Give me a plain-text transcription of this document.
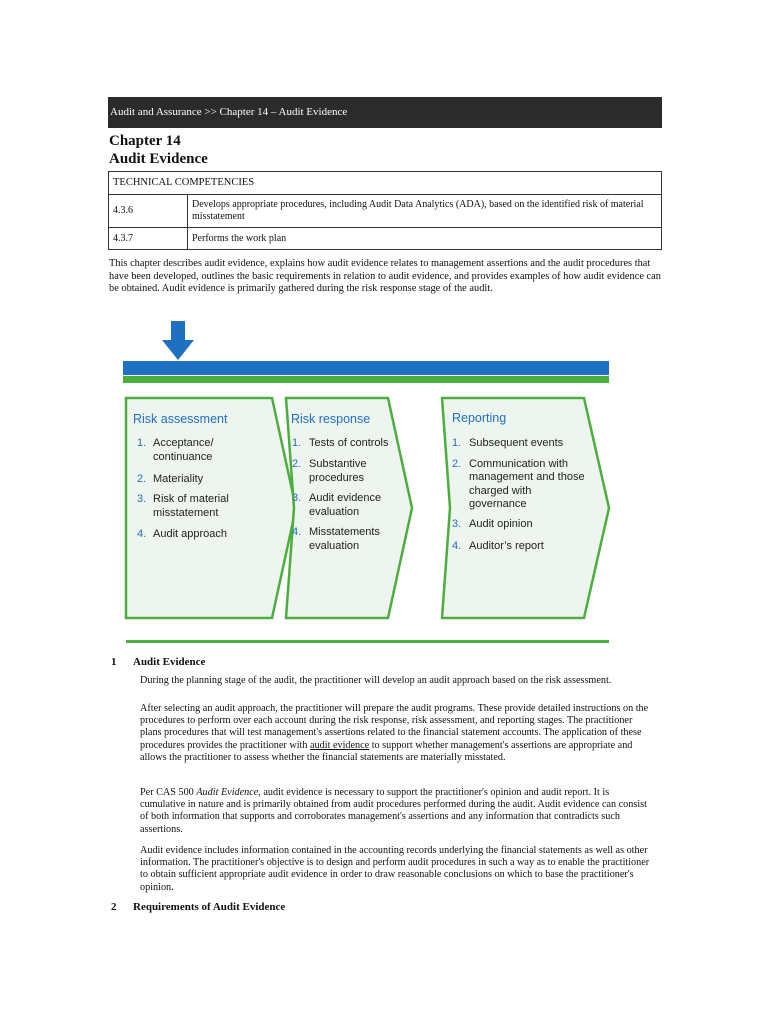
Audit and Assurance >> Chapter 14 – Audit Evidence
Chapter 14
Audit Evidence
TECHNICAL COMPETENCIES	
4.3.6	Develops appropriate procedures, including Audit Data Analytics (ADA), based on the identified risk of material misstatement
4.3.7	Performs the work plan

This chapter describes audit evidence, explains how audit evidence relates to management assertions and the audit procedures that have been developed, outlines the basic requirements in relation to audit evidence, and provides examples of how audit evidence can be obtained. Audit evidence is primarily gathered during the risk response stage of the audit.

Risk assessment
1. Acceptance/
continuance
2. Materiality
3. Risk of material
misstatement
4. Audit approach
Risk response
1. Tests of controls
2. Substantive
procedures
3. Audit evidence
evaluation
4. Misstatements
evaluation
Reporting
1. Subsequent events
2. Communication with
management and those
charged with
governance
3. Audit opinion
4. Auditor’s report
1 Audit Evidence

During the planning stage of the audit, the practitioner will develop an audit approach based on the risk assessment.

After selecting an audit approach, the practitioner will prepare the audit programs. These provide detailed instructions on the procedures to perform over each account during the risk response, risk assessment, and reporting stages. The practitioner plans procedures that will test management's assertions related to the financial statement accounts. The application of these procedures provides the practitioner with audit evidence to support whether management's assertions are appropriate and allows the practitioner to assess whether the financial statements are materially misstated.

Per CAS 500 Audit Evidence, audit evidence is necessary to support the practitioner's opinion and audit report. It is cumulative in nature and is primarily obtained from audit procedures performed during the audit. Audit evidence can consist of both information that supports and corroborates management's assertions and any information that contradicts such assertions.

Audit evidence includes information contained in the accounting records underlying the financial statements as well as other information. The practitioner's objective is to design and perform audit procedures in such a way as to enable the practitioner to obtain sufficient appropriate audit evidence in order to draw reasonable conclusions on which to base the practitioner's opinion.

2 Requirements of Audit Evidence
